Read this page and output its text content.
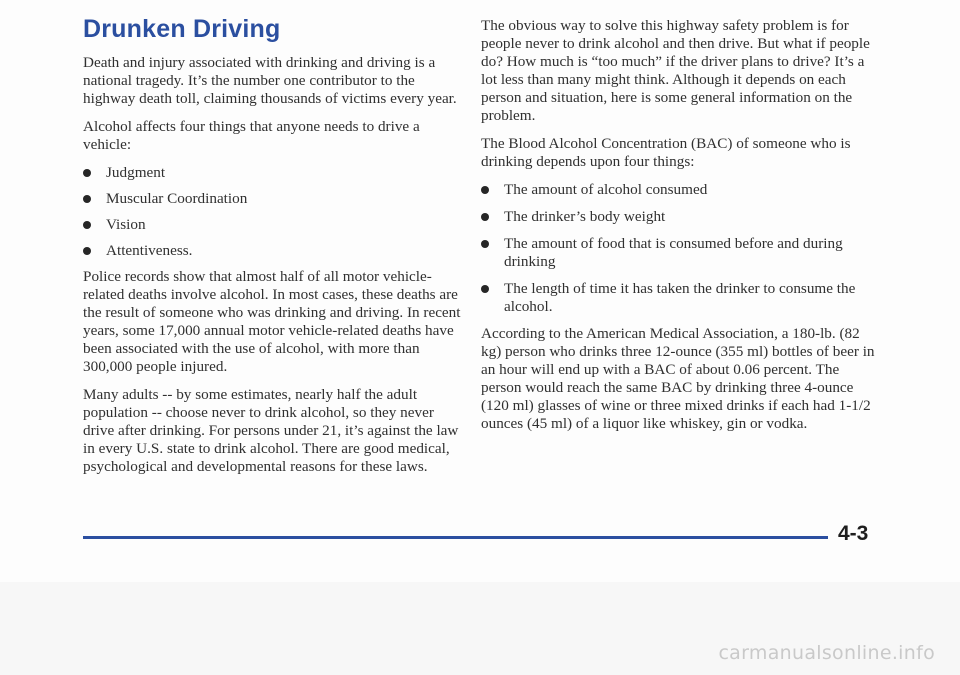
Drunken Driving

Death and injury associated with drinking and driving is a national tragedy. It’s the number one contributor to the highway death toll, claiming thousands of victims every year.

Alcohol affects four things that anyone needs to drive a vehicle:

Judgment
Muscular Coordination
Vision
Attentiveness.

Police records show that almost half of all motor vehicle-related deaths involve alcohol. In most cases, these deaths are the result of someone who was drinking and driving. In recent years, some 17,000 annual motor vehicle-related deaths have been associated with the use of alcohol, with more than 300,000 people injured.

Many adults -- by some estimates, nearly half the adult population -- choose never to drink alcohol, so they never drive after drinking. For persons under 21, it’s against the law in every U.S. state to drink alcohol. There are good medical, psychological and developmental reasons for these laws.

The obvious way to solve this highway safety problem is for people never to drink alcohol and then drive. But what if people do? How much is “too much” if the driver plans to drive? It’s a lot less than many might think. Although it depends on each person and situation, here is some general information on the problem.

The Blood Alcohol Concentration (BAC) of someone who is drinking depends upon four things:

The amount of alcohol consumed
The drinker’s body weight
The amount of food that is consumed before and during drinking
The length of time it has taken the drinker to consume the alcohol.

According to the American Medical Association, a 180-lb. (82 kg) person who drinks three 12-ounce (355 ml) bottles of beer in an hour will end up with a BAC of about 0.06 percent. The person would reach the same BAC by drinking three 4-ounce (120 ml) glasses of wine or three mixed drinks if each had 1-1/2 ounces (45 ml) of a liquor like whiskey, gin or vodka.

4-3
carmanualsonline.info
